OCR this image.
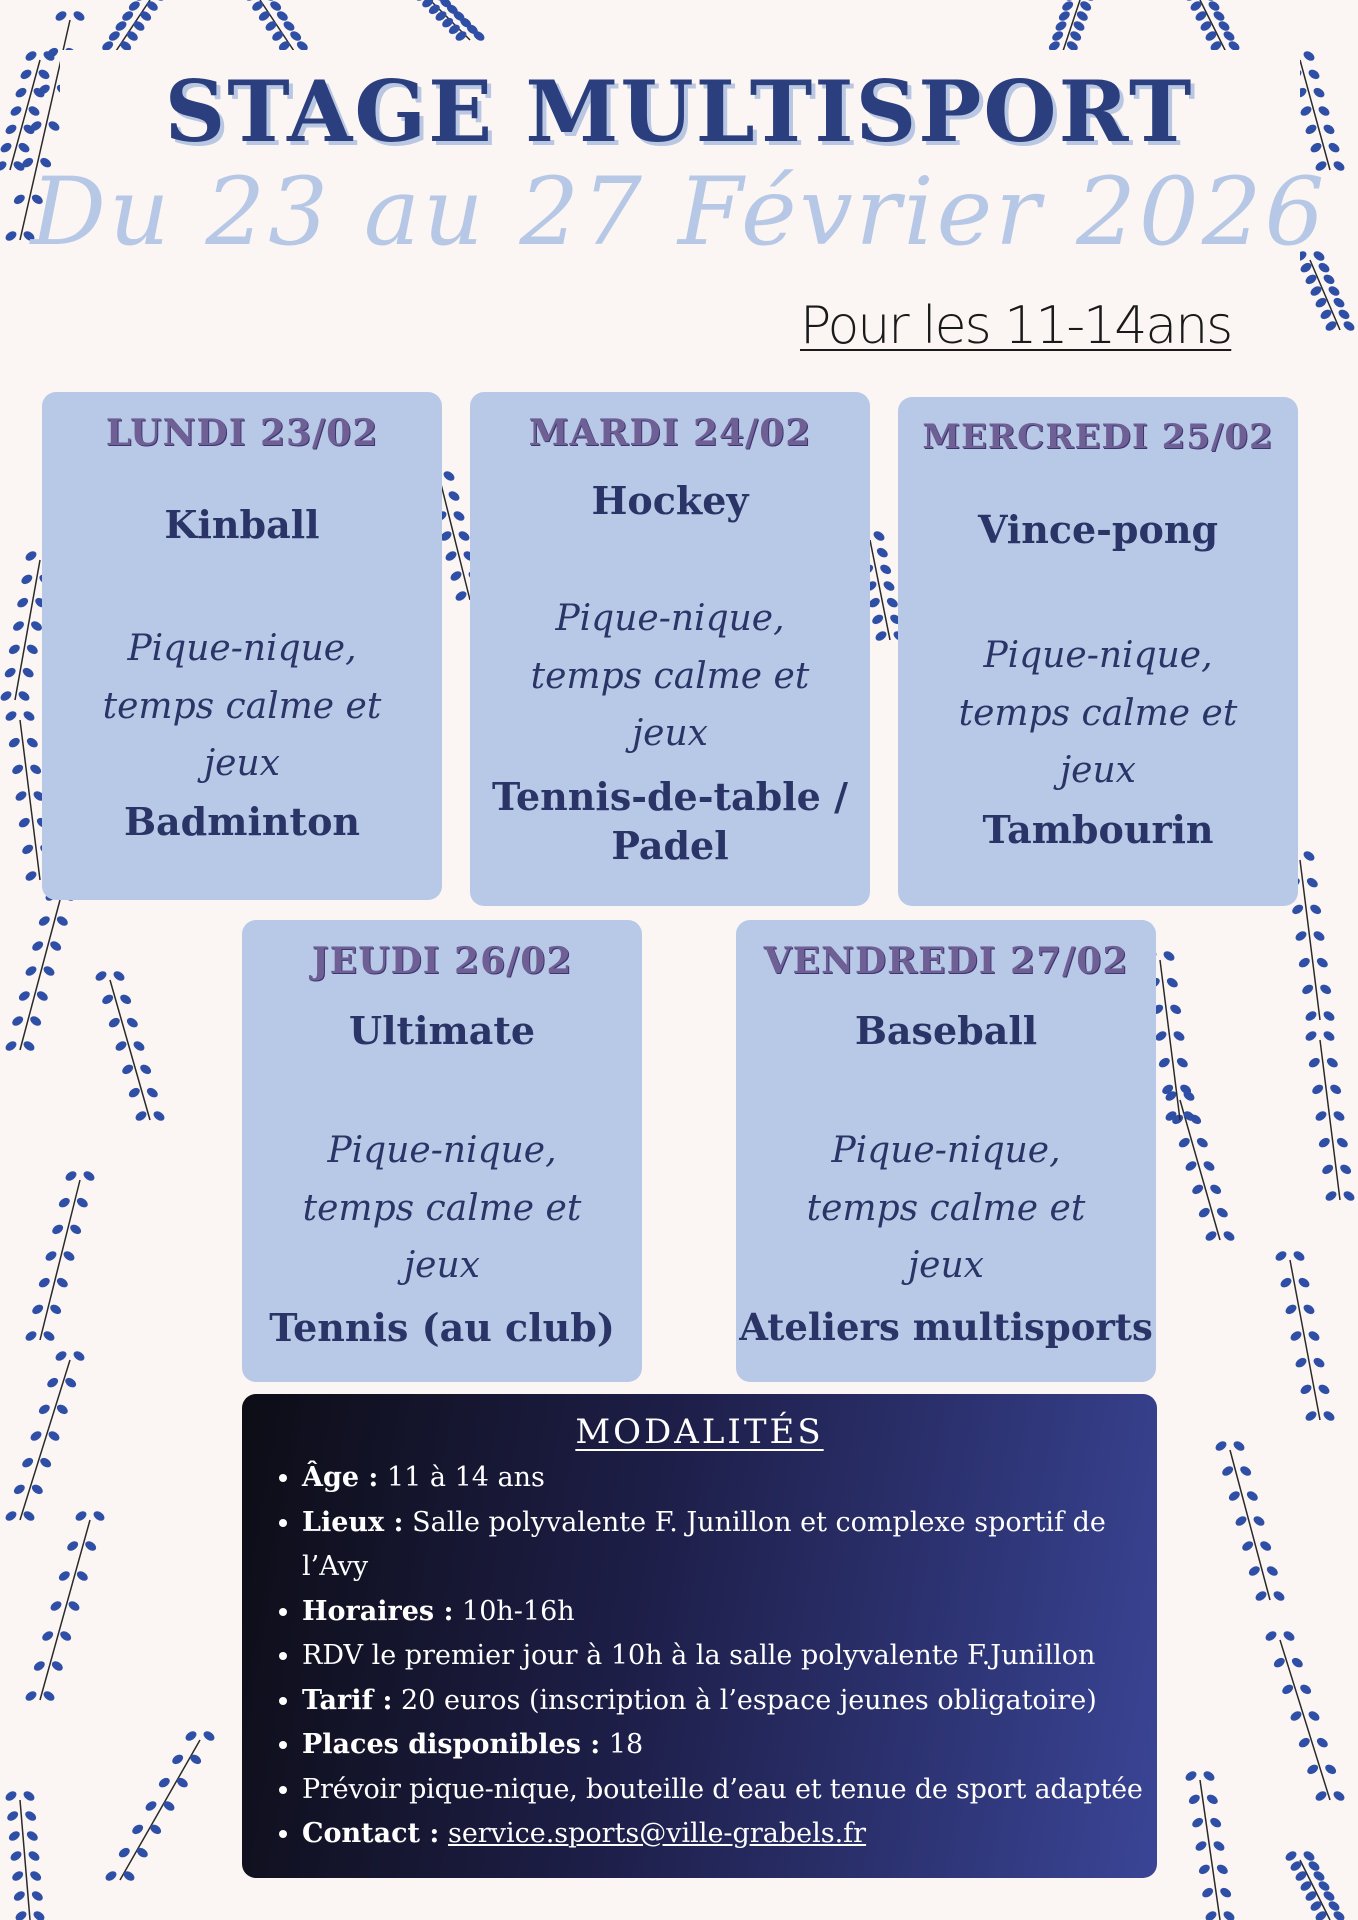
STAGE MULTISPORT
Du 23 au 27 Février 2026
Pour les 11-14ans
LUNDI 23/02
Kinball
Pique-nique, temps calme et jeux
Badminton
MARDI 24/02
Hockey
Pique-nique, temps calme et jeux
Tennis-de-table / Padel
MERCREDI 25/02
Vince-pong
Pique-nique, temps calme et jeux
Tambourin
JEUDI 26/02
Ultimate
Pique-nique, temps calme et jeux
Tennis (au club)
VENDREDI 27/02
Baseball
Pique-nique, temps calme et jeux
Ateliers multisports
MODALITÉS
• Âge : 11 à 14 ans
• Lieux : Salle polyvalente F. Junillon et complexe sportif de l’Avy
• Horaires : 10h-16h
• RDV le premier jour à 10h à la salle polyvalente F.Junillon
• Tarif : 20 euros (inscription à l’espace jeunes obligatoire)
• Places disponibles : 18
• Prévoir pique-nique, bouteille d’eau et tenue de sport adaptée
• Contact : service.sports@ville-grabels.fr
